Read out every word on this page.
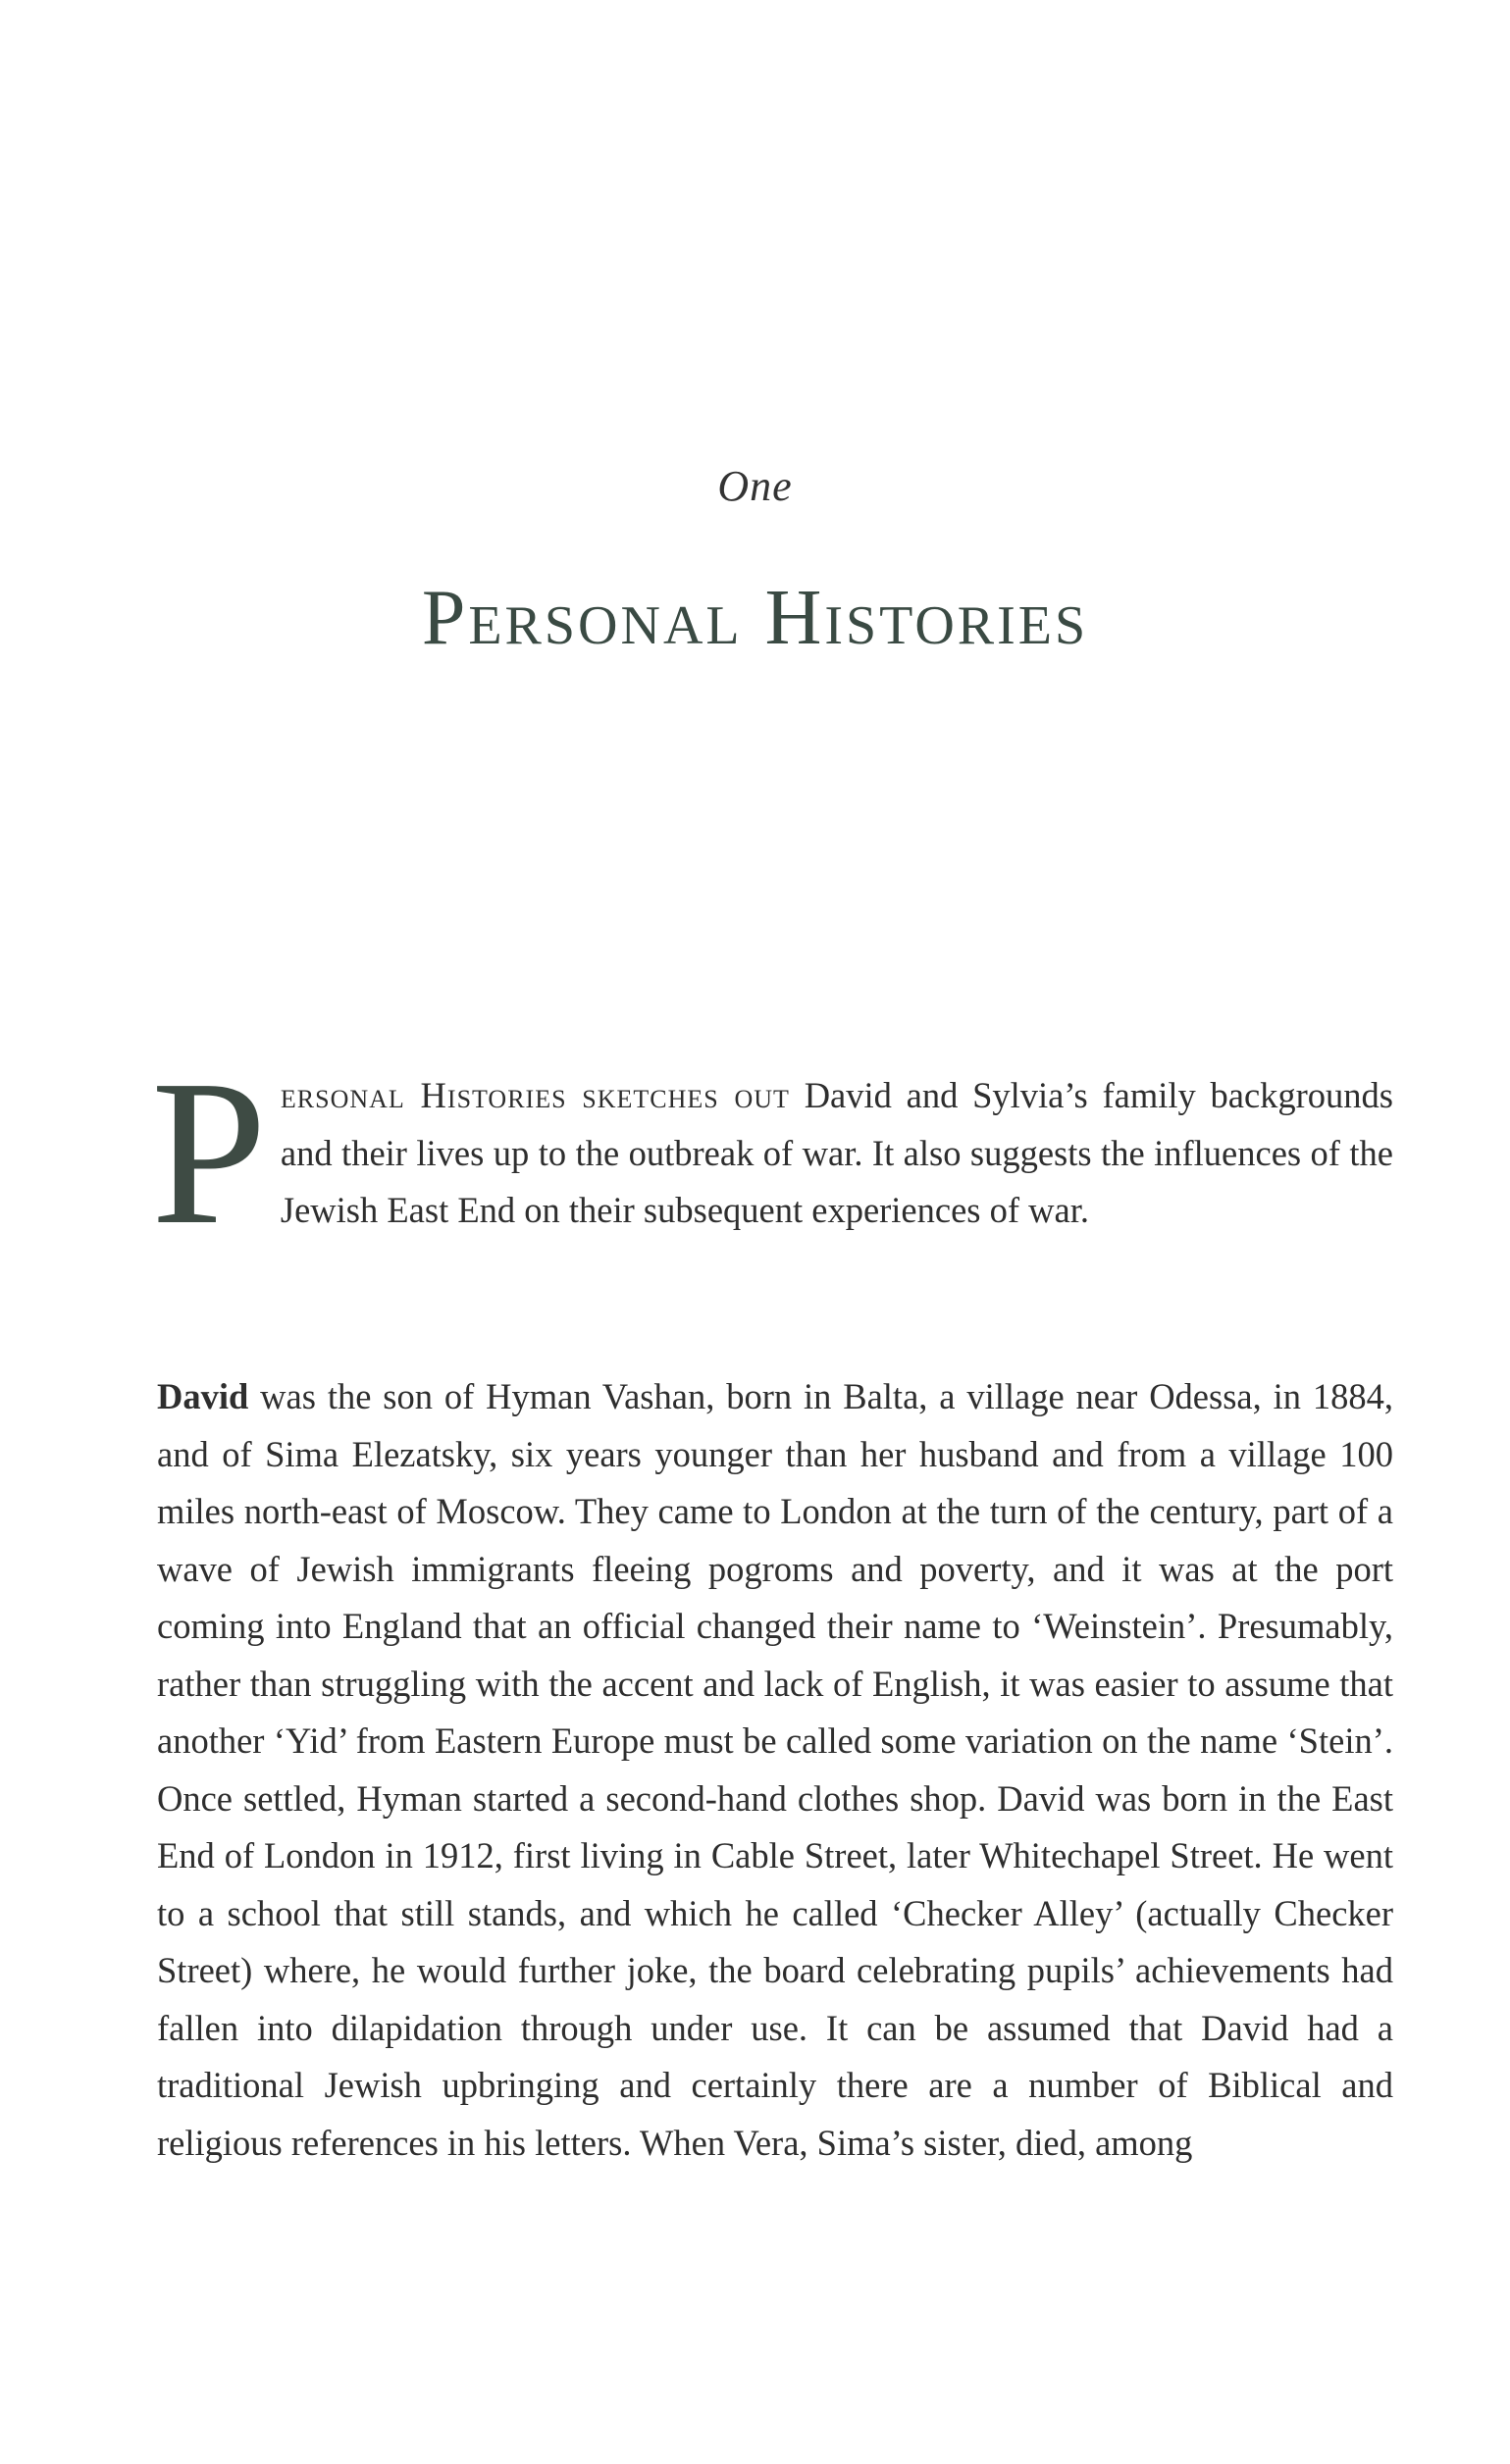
One
Personal Histories
Personal Histories sketches out David and Sylvia’s family backgrounds and their lives up to the outbreak of war. It also suggests the influences of the Jewish East End on their subsequent experiences of war.
David was the son of Hyman Vashan, born in Balta, a village near Odessa, in 1884, and of Sima Elezatsky, six years younger than her husband and from a village 100 miles north-east of Moscow. They came to London at the turn of the century, part of a wave of Jewish immigrants fleeing pogroms and poverty, and it was at the port coming into England that an official changed their name to ‘Weinstein’. Presumably, rather than struggling with the accent and lack of English, it was easier to assume that another ‘Yid’ from Eastern Europe must be called some variation on the name ‘Stein’. Once settled, Hyman started a second-hand clothes shop. David was born in the East End of London in 1912, first living in Cable Street, later Whitechapel Street. He went to a school that still stands, and which he called ‘Checker Alley’ (actually Checker Street) where, he would further joke, the board celebrating pupils’ achievements had fallen into dilapidation through under use. It can be assumed that David had a traditional Jewish upbringing and certainly there are a number of Biblical and religious references in his letters. When Vera, Sima’s sister, died, among
